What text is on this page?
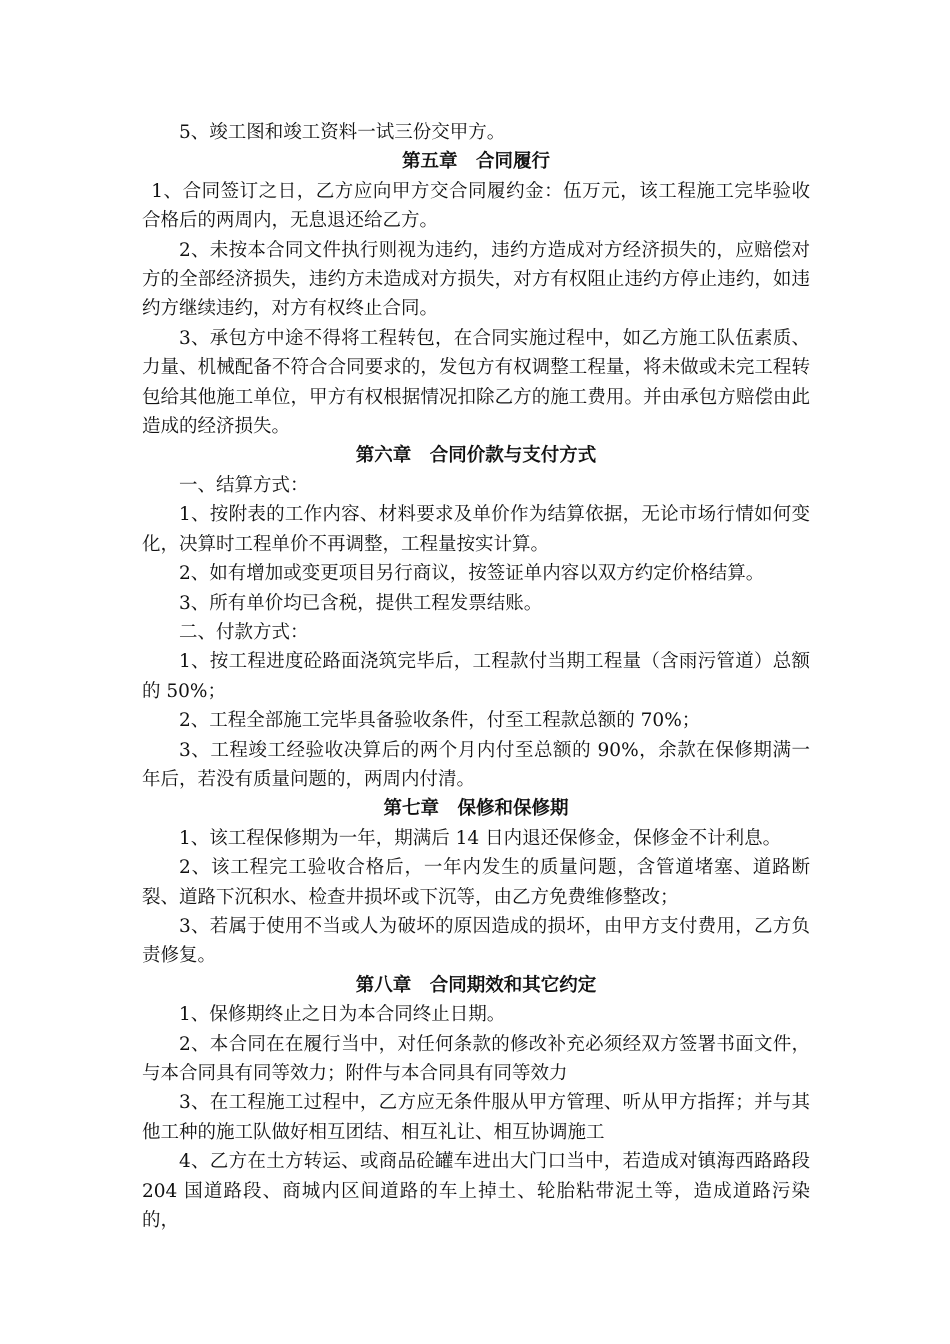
5、竣工图和竣工资料一试三份交甲方。

第五章　合同履行

1、合同签订之日，乙方应向甲方交合同履约金：伍万元，该工程施工完毕验收合格后的两周内，无息退还给乙方。

2、未按本合同文件执行则视为违约，违约方造成对方经济损失的，应赔偿对方的全部经济损失，违约方未造成对方损失，对方有权阻止违约方停止违约，如违约方继续违约，对方有权终止合同。

3、承包方中途不得将工程转包，在合同实施过程中，如乙方施工队伍素质、力量、机械配备不符合合同要求的，发包方有权调整工程量，将未做或未完工程转包给其他施工单位，甲方有权根据情况扣除乙方的施工费用。并由承包方赔偿由此造成的经济损失。

第六章　合同价款与支付方式

一、结算方式：

1、按附表的工作内容、材料要求及单价作为结算依据，无论市场行情如何变化，决算时工程单价不再调整，工程量按实计算。

2、如有增加或变更项目另行商议，按签证单内容以双方约定价格结算。

3、所有单价均已含税，提供工程发票结账。

二、付款方式：

1、按工程进度砼路面浇筑完毕后，工程款付当期工程量（含雨污管道）总额的 50%；

2、工程全部施工完毕具备验收条件，付至工程款总额的 70%；

3、工程竣工经验收决算后的两个月内付至总额的 90%，余款在保修期满一年后，若没有质量问题的，两周内付清。

第七章　保修和保修期

1、该工程保修期为一年，期满后 14 日内退还保修金，保修金不计利息。

2、该工程完工验收合格后，一年内发生的质量问题，含管道堵塞、道路断裂、道路下沉积水、检查井损坏或下沉等，由乙方免费维修整改；

3、若属于使用不当或人为破坏的原因造成的损坏，由甲方支付费用，乙方负责修复。

第八章　合同期效和其它约定

1、保修期终止之日为本合同终止日期。

2、本合同在在履行当中，对任何条款的修改补充必须经双方签署书面文件，与本合同具有同等效力；附件与本合同具有同等效力

3、在工程施工过程中，乙方应无条件服从甲方管理、听从甲方指挥；并与其他工种的施工队做好相互团结、相互礼让、相互协调施工

4、乙方在土方转运、或商品砼罐车进出大门口当中，若造成对镇海西路路段 204 国道路段、商城内区间道路的车上掉土、轮胎粘带泥土等，造成道路污染的，
